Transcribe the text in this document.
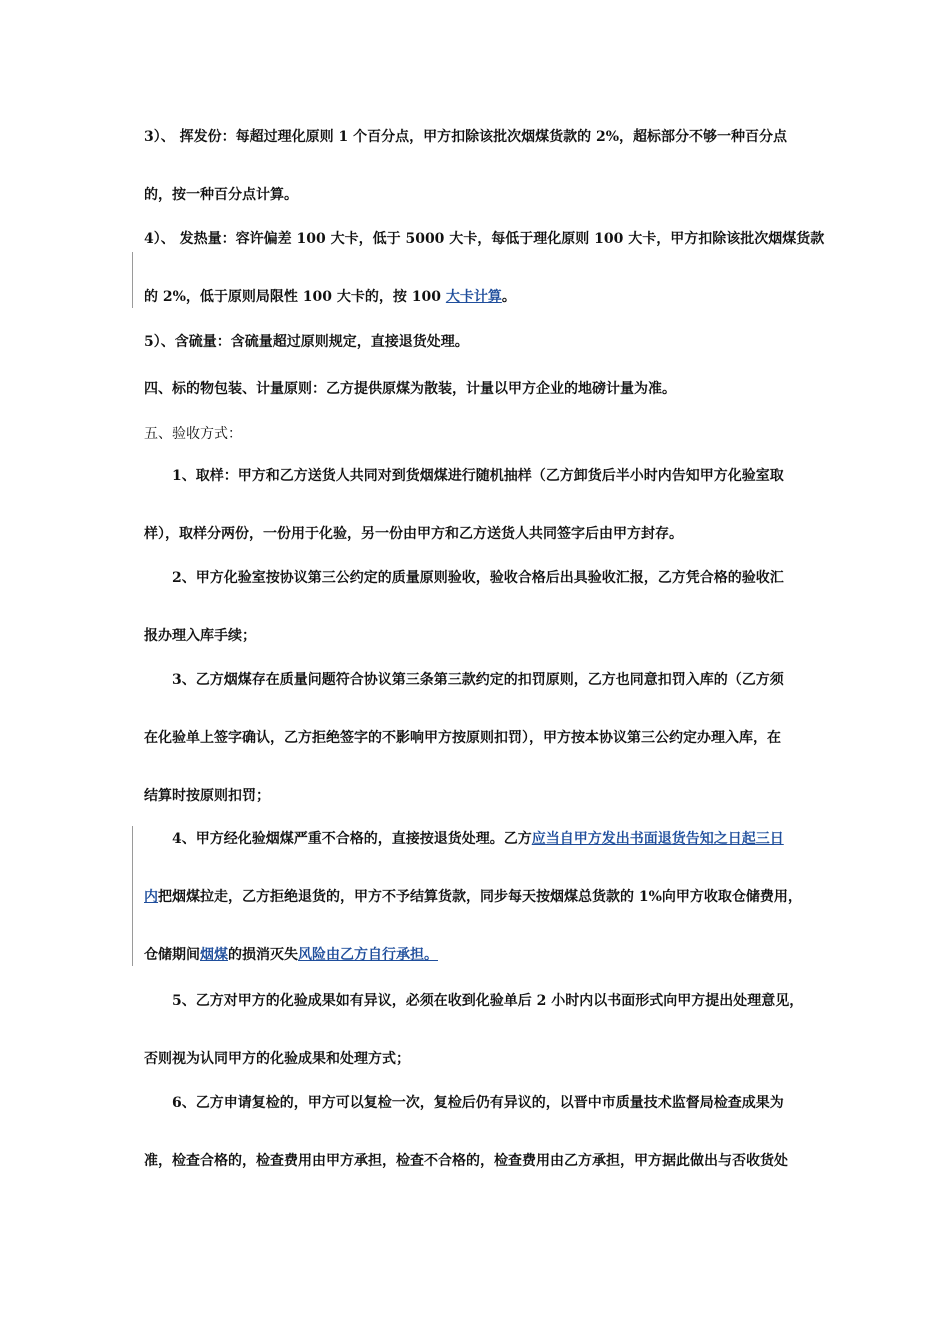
3）、 挥发份：每超过理化原则 1 个百分点，甲方扣除该批次烟煤货款的 2%，超标部分不够一种百分点
的，按一种百分点计算。
4）、 发热量：容许偏差 100 大卡，低于 5000 大卡，每低于理化原则 100 大卡，甲方扣除该批次烟煤货款
的 2%，低于原则局限性 100 大卡的，按 100 大卡计算。
5）、含硫量：含硫量超过原则规定，直接退货处理。
四、标的物包装、计量原则：乙方提供原煤为散装，计量以甲方企业的地磅计量为准。
五、验收方式：
1、取样：甲方和乙方送货人共同对到货烟煤进行随机抽样（乙方卸货后半小时内告知甲方化验室取
样），取样分两份，一份用于化验，另一份由甲方和乙方送货人共同签字后由甲方封存。
2、甲方化验室按协议第三公约定的质量原则验收，验收合格后出具验收汇报，乙方凭合格的验收汇
报办理入库手续；
3、乙方烟煤存在质量问题符合协议第三条第三款约定的扣罚原则，乙方也同意扣罚入库的（乙方须
在化验单上签字确认，乙方拒绝签字的不影响甲方按原则扣罚），甲方按本协议第三公约定办理入库，在
结算时按原则扣罚；
4、甲方经化验烟煤严重不合格的，直接按退货处理。乙方应当自甲方发出书面退货告知之日起三日
内把烟煤拉走，乙方拒绝退货的，甲方不予结算货款，同步每天按烟煤总货款的 1%向甲方收取仓储费用，
仓储期间烟煤的损消灭失风险由乙方自行承担。
5、乙方对甲方的化验成果如有异议，必须在收到化验单后 2 小时内以书面形式向甲方提出处理意见，
否则视为认同甲方的化验成果和处理方式；
6、乙方申请复检的，甲方可以复检一次，复检后仍有异议的，以晋中市质量技术监督局检查成果为
准，检查合格的，检查费用由甲方承担，检查不合格的，检查费用由乙方承担，甲方据此做出与否收货处
